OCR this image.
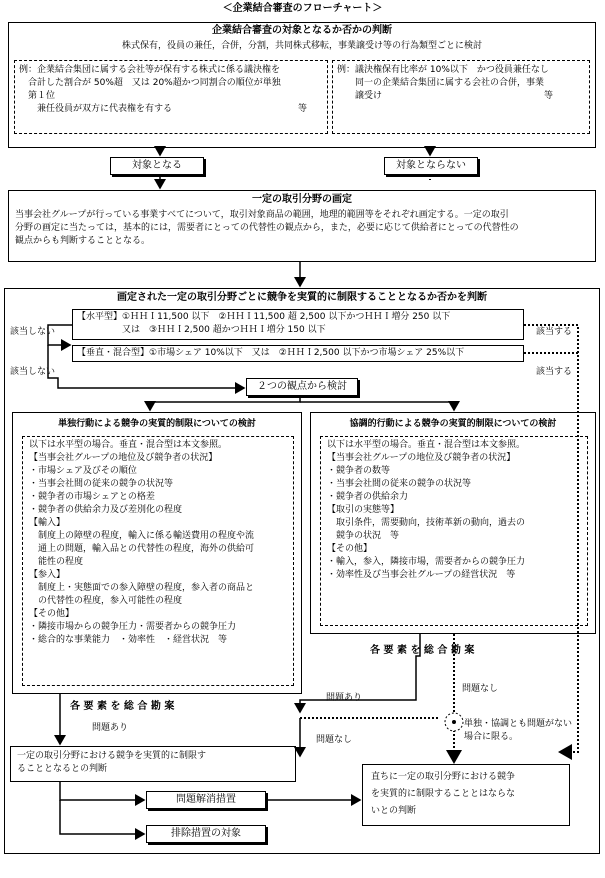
＜企業結合審査のフローチャート＞
企業結合審査の対象となるか否かの判断
株式保有，役員の兼任，合併，分割，共同株式移転，事業譲受け等の行為類型ごとに検討
例：企業結合集団に属する会社等が保有する株式に係る議決権を
　合計した割合が 50%超　又は 20%超かつ同割合の順位が単独
　第１位
　　兼任役員が双方に代表権を有する　　　　　　　　　　　　　　等
例：議決権保有比率が 10%以下　かつ役員兼任なし
　　同一の企業結合集団に属する会社の合併，事業
　　譲受け　　　　　　　　　　　　　　　　　　等
対象となる	対象とならない
一定の取引分野の画定
当事会社グループが行っている事業すべてについて，取引対象商品の範囲，地理的範囲等をそれぞれ画定する。一定の取引
分野の画定に当たっては，基本的には，需要者にとっての代替性の観点から，また，必要に応じて供給者にとっての代替性の
観点からも判断することとなる。
画定された一定の取引分野ごとに競争を実質的に制限することとなるか否かを判断
【水平型】①ＨＨＩ11,500 以下　②ＨＨＩ11,500 超 2,500 以下かつＨＨＩ増分 250 以下
　　　　　又は　③ＨＨＩ2,500 超かつＨＨＩ増分 150 以下
【垂直・混合型】①市場シェア 10%以下　又は　②ＨＨＩ2,500 以下かつ市場シェア 25%以下
該当しない
該当しない
該当する
該当する
２つの観点から検討
単独行動による競争の実質的制限についての検討
以下は水平型の場合。垂直・混合型は本文参照。
【当事会社グループの地位及び競争者の状況】
・市場シェア及びその順位
・当事会社間の従来の競争の状況等
・競争者の市場シェアとの格差
・競争者の供給余力及び差別化の程度
【輸入】
　制度上の障壁の程度，輸入に係る輸送費用の程度や流
　通上の問題，輸入品との代替性の程度，海外の供給可
　能性の程度
【参入】
　制度上・実態面での参入障壁の程度，参入者の商品と
　の代替性の程度，参入可能性の程度
【その他】
・隣接市場からの競争圧力・需要者からの競争圧力
・総合的な事業能力　・効率性　・経営状況　等
協調的行動による競争の実質的制限についての検討
以下は水平型の場合。垂直・混合型は本文参照。
【当事会社グループの地位及び競争者の状況】
・競争者の数等
・当事会社間の従来の競争の状況等
・競争者の供給余力
【取引の実態等】
　取引条件，需要動向，技術革新の動向，過去の
　競争の状況　等
【その他】
・輸入，参入，隣接市場，需要者からの競争圧力
・効率性及び当事会社グループの経営状況　等
各 要 素 を 総 合 勘 案
各 要 素 を 総 合 勘 案
問題あり
問題なし
問題あり
問題なし
単独・協調とも問題がない
場合に限る。
一定の取引分野における競争を実質的に制限す
ることとなるとの判断
直ちに一定の取引分野における競争
を実質的に制限することとはならな
いとの判断
問題解消措置
排除措置の対象
